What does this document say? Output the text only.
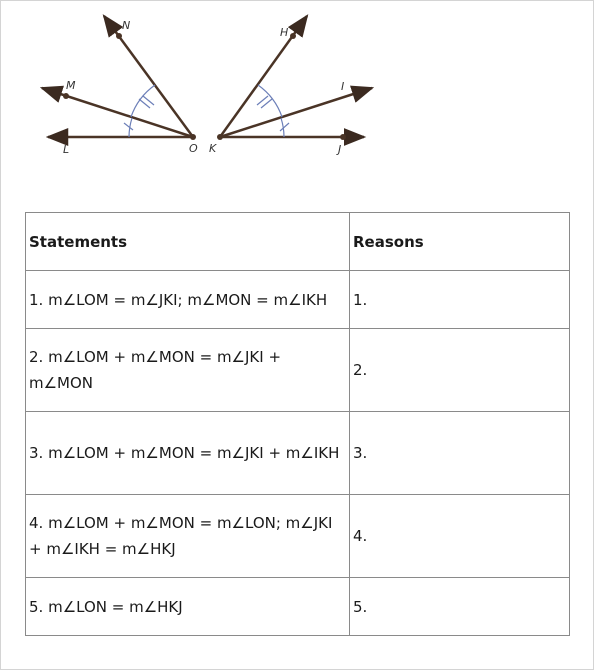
N
M
L	O
H
I
J
K
Statements	Reasons
1. m∠LOM = m∠JKI; m∠MON = m∠IKH	1.
2. m∠LOM + m∠MON = m∠JKI + m∠MON	2.
3. m∠LOM + m∠MON = m∠JKI + m∠IKH	3.
4. m∠LOM + m∠MON = m∠LON; m∠JKI + m∠IKH = m∠HKJ	4.
5. m∠LON = m∠HKJ	5.
